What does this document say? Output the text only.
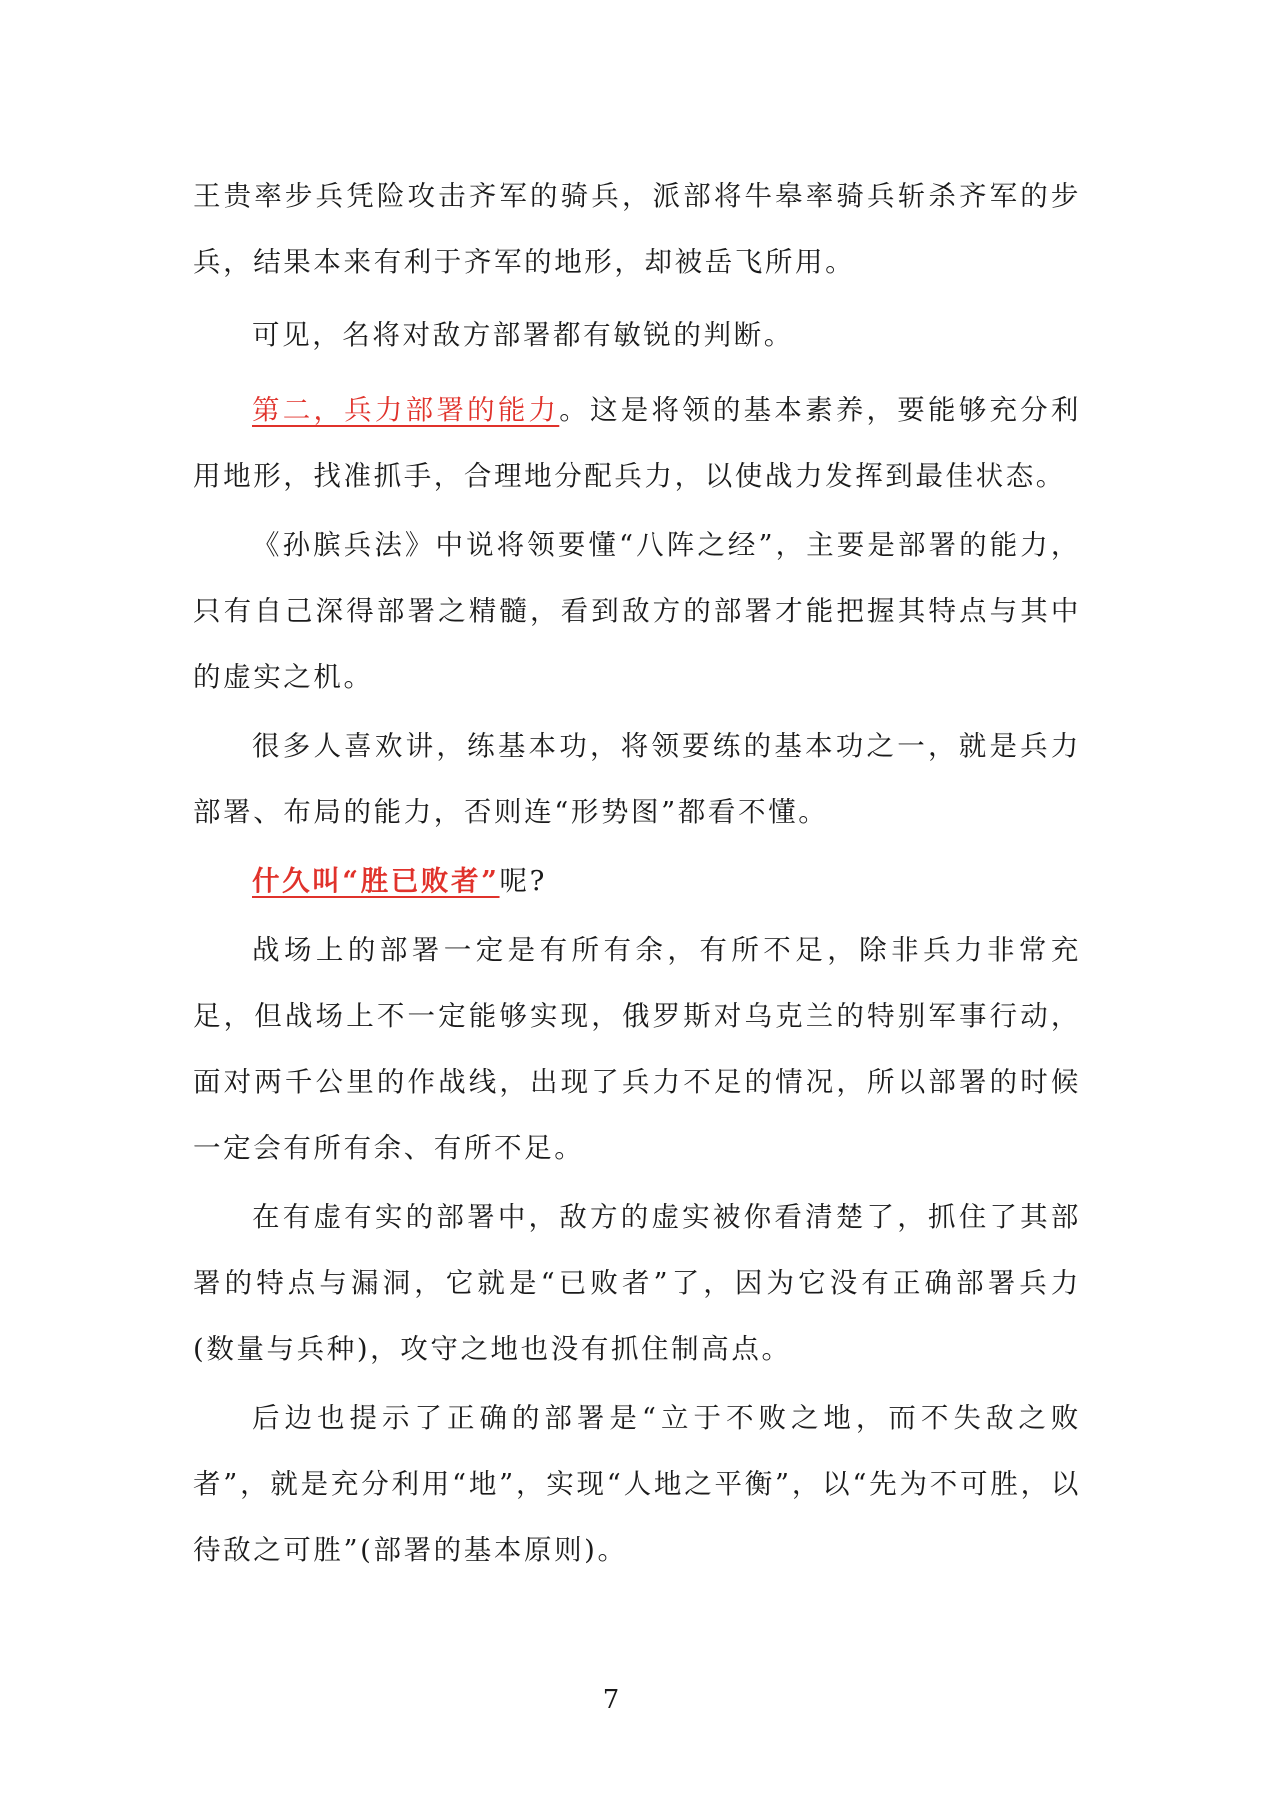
王贵率步兵凭险攻击齐军的骑兵，派部将牛皋率骑兵斩杀齐军的步兵，结果本来有利于齐军的地形，却被岳飞所用。

可见，名将对敌方部署都有敏锐的判断。

第二，兵力部署的能力。这是将领的基本素养，要能够充分利用地形，找准抓手，合理地分配兵力，以使战力发挥到最佳状态。

《孙膑兵法》中说将领要懂“八阵之经”，主要是部署的能力，只有自己深得部署之精髓，看到敌方的部署才能把握其特点与其中的虚实之机。

很多人喜欢讲，练基本功，将领要练的基本功之一，就是兵力部署、布局的能力，否则连“形势图”都看不懂。

什久叫“胜已败者”呢?

战场上的部署一定是有所有余，有所不足，除非兵力非常充足，但战场上不一定能够实现，俄罗斯对乌克兰的特别军事行动，面对两千公里的作战线，出现了兵力不足的情况，所以部署的时候一定会有所有余、有所不足。

在有虚有实的部署中，敌方的虚实被你看清楚了，抓住了其部署的特点与漏洞，它就是“已败者”了，因为它没有正确部署兵力(数量与兵种)，攻守之地也没有抓住制高点。

后边也提示了正确的部署是“立于不败之地，而不失敌之败者”，就是充分利用“地”，实现“人地之平衡”，以“先为不可胜，以待敌之可胜”(部署的基本原则)。

7
